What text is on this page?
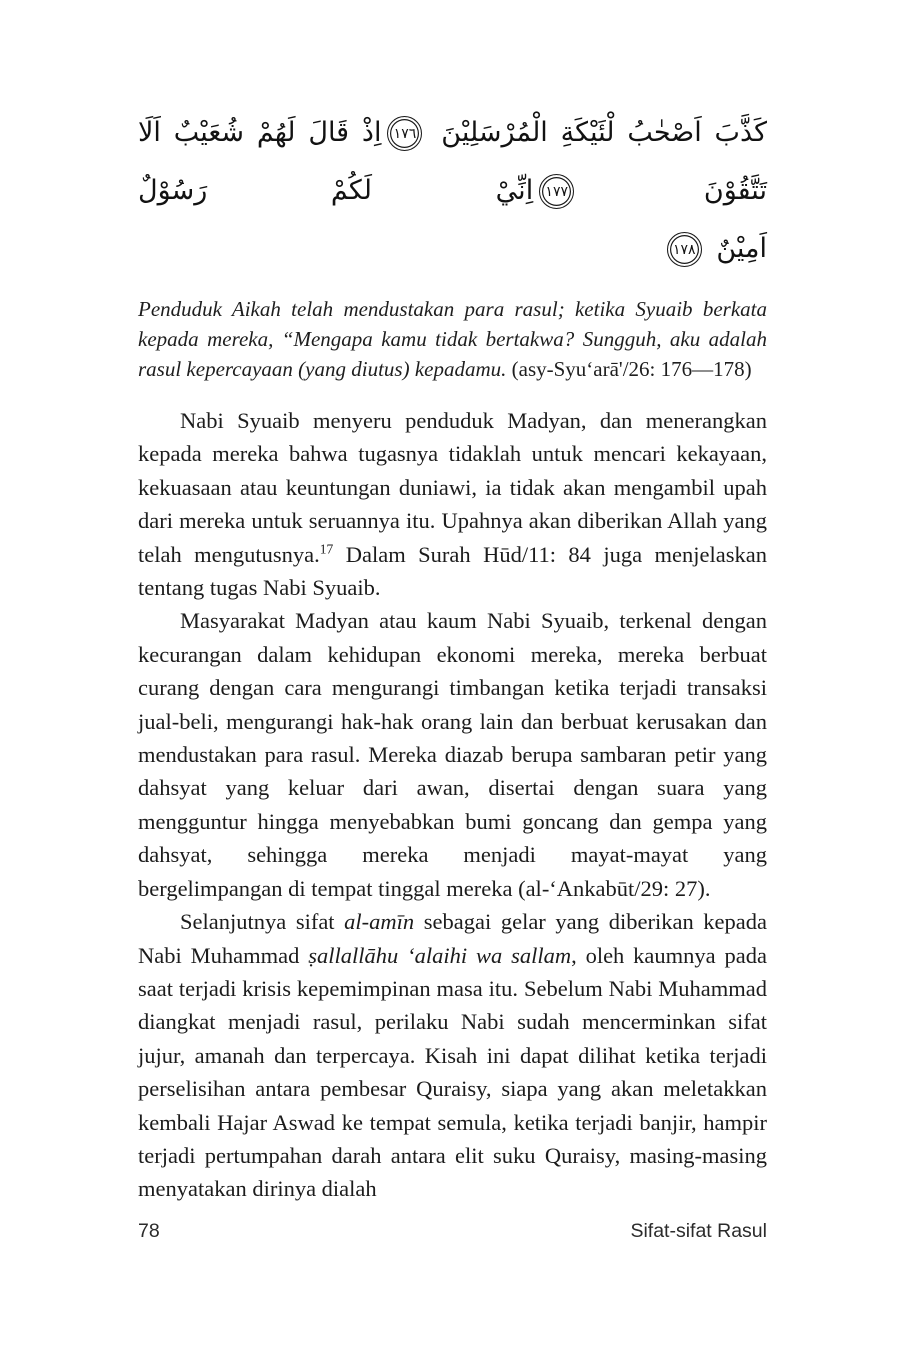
كَذَّبَ اَصْحٰبُ لْئَيْكَةِ الْمُرْسَلِيْنَ ١٧٦اِذْ قَالَ لَهُمْ شُعَيْبٌ اَلَا تَتَّقُوْنَ ١٧٧اِنِّيْ لَكُمْ رَسُوْلٌ
اَمِيْنٌ ١٧٨

Penduduk Aikah telah mendustakan para rasul; ketika Syuaib berkata kepada mereka, “Mengapa kamu tidak bertakwa? Sungguh, aku adalah rasul kepercayaan (yang diutus) kepadamu. (asy-Syu‘arā'/26: 176—178)

Nabi Syuaib menyeru penduduk Madyan, dan menerangkan kepada mereka bahwa tugasnya tidaklah untuk mencari kekayaan, kekuasaan atau keuntungan duniawi, ia tidak akan mengambil upah dari mereka untuk seruannya itu. Upahnya akan diberikan Allah yang telah mengutusnya.$^{17}$ Dalam Surah Hūd/11: 84 juga menjelaskan tentang tugas Nabi Syuaib.

Masyarakat Madyan atau kaum Nabi Syuaib, terkenal dengan kecurangan dalam kehidupan ekonomi mereka, mereka berbuat curang dengan cara mengurangi timbangan ketika terjadi transaksi jual-beli, mengurangi hak-hak orang lain dan berbuat kerusakan dan mendustakan para rasul. Mereka diazab berupa sambaran petir yang dahsyat yang keluar dari awan, disertai dengan suara yang mengguntur hingga menyebabkan bumi goncang dan gempa yang dahsyat, sehingga mereka menjadi mayat-mayat yang bergelimpangan di tempat tinggal mereka (al-‘Ankabūt/29: 27).

Selanjutnya sifat al-amīn sebagai gelar yang diberikan kepada Nabi Muhammad ṣallallāhu ‘alaihi wa sallam, oleh kaumnya pada saat terjadi krisis kepemimpinan masa itu. Sebelum Nabi Muhammad diangkat menjadi rasul, perilaku Nabi sudah mencerminkan sifat jujur, amanah dan terpercaya. Kisah ini dapat dilihat ketika terjadi perselisihan antara pembesar Quraisy, siapa yang akan meletakkan kembali Hajar Aswad ke tempat semula, ketika terjadi banjir, hampir terjadi pertumpahan darah antara elit suku Quraisy, masing-masing menyatakan dirinya dialah

78	Sifat-sifat Rasul
